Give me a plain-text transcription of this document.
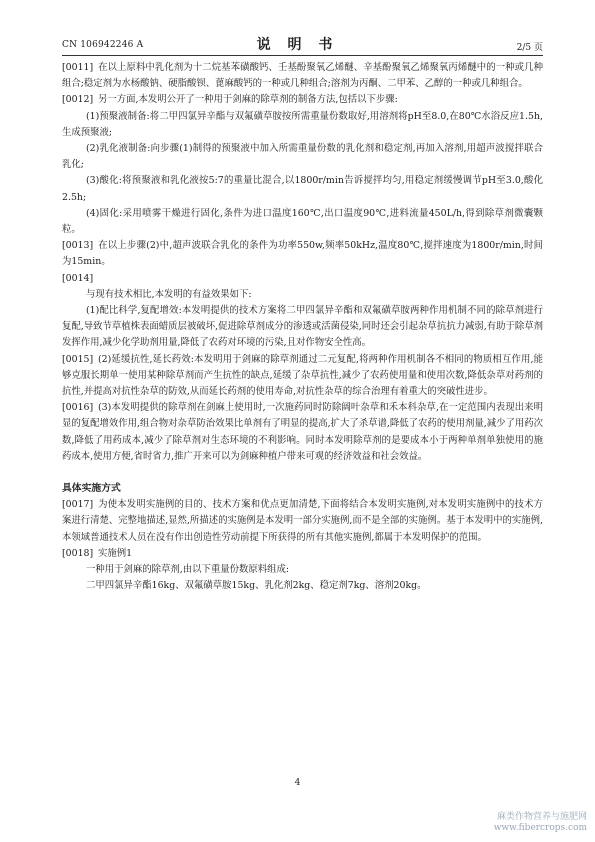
CN 106942246 A	说 明 书	2/5 页

[0011] 在以上原料中乳化剂为十二烷基苯磺酸钙、壬基酚聚氧乙烯醚、辛基酚聚氧乙烯聚氧丙烯醚中的一种或几种组合;稳定剂为水杨酸钠、硬脂酸钡、蓖麻酸钙的一种或几种组合;溶剂为丙酮、二甲苯、乙醇的一种或几种组合。

[0012] 另一方面,本发明公开了一种用于剑麻的除草剂的制备方法,包括以下步骤:

(1)预聚液制备:将二甲四氯异辛酯与双氟磺草胺按所需重量份数取好,用溶剂将pH至8.0,在80℃水浴反应1.5h,生成预聚液;

(2)乳化液制备:向步骤(1)制得的预聚液中加入所需重量份数的乳化剂和稳定剂,再加入溶剂,用超声波搅拌联合乳化;

(3)酸化:将预聚液和乳化液按5:7的重量比混合,以1800r/min告诉搅拌均匀,用稳定剂缓慢调节pH至3.0,酸化2.5h;

(4)固化:采用喷雾干燥进行固化,条件为进口温度160℃,出口温度90℃,进料流量450L/h,得到除草剂微囊颗粒。

[0013] 在以上步骤(2)中,超声波联合乳化的条件为功率550w,频率50kHz,温度80℃,搅拌速度为1800r/min,时间为15min。

[0014]

与现有技术相比,本发明的有益效果如下:

(1)配比科学,复配增效:本发明提供的技术方案将二甲四氯异辛酯和双氟磺草胺两种作用机制不同的除草剂进行复配,导致节草植株表面蜡质层被破坏,促进除草剂成分的渗透或活菌侵染,同时还会引起杂草抗抗力减弱,有助于除草剂发挥作用,减少化学助剂用量,降低了农药对环境的污染,且对作物安全性高。

[0015] (2)延缓抗性,延长药效:本发明用于剑麻的除草剂通过二元复配,将两种作用机制各不相同的物质相互作用,能够克服长期单一使用某种除草剂而产生抗性的缺点,延缓了杂草抗性,减少了农药使用量和使用次数,降低杂草对药剂的抗性,并提高对抗性杂草的防效,从而延长药剂的使用寿命,对抗性杂草的综合治理有着重大的突破性进步。

[0016] (3)本发明提供的除草剂在剑麻上使用时,一次施药同时防除阔叶杂草和禾本科杂草,在一定范围内表现出来明显的复配增效作用,组合物对杂草防治效果比单剂有了明显的提高,扩大了杀草谱,降低了农药的使用剂量,减少了用药次数,降低了用药成本,减少了除草剂对生态环境的不利影响。同时本发明除草剂的是要成本小于两种单剂单独使用的施药成本,使用方便,省时省力,推广开来可以为剑麻种植户带来可观的经济效益和社会效益。

具体实施方式

[0017] 为使本发明实施例的目的、技术方案和优点更加清楚,下面将结合本发明实施例,对本发明实施例中的技术方案进行清楚、完整地描述,显然,所描述的实施例是本发明一部分实施例,而不是全部的实施例。基于本发明中的实施例,本领域普通技术人员在没有作出创造性劳动前提下所获得的所有其他实施例,都属于本发明保护的范围。

[0018] 实施例1

一种用于剑麻的除草剂,由以下重量份数原料组成:

二甲四氯异辛酯16kg、双氟磺草胺15kg、乳化剂2kg、稳定剂7kg、溶剂20kg。

4
麻类作物营养与施肥网
www.fibercrops.com
